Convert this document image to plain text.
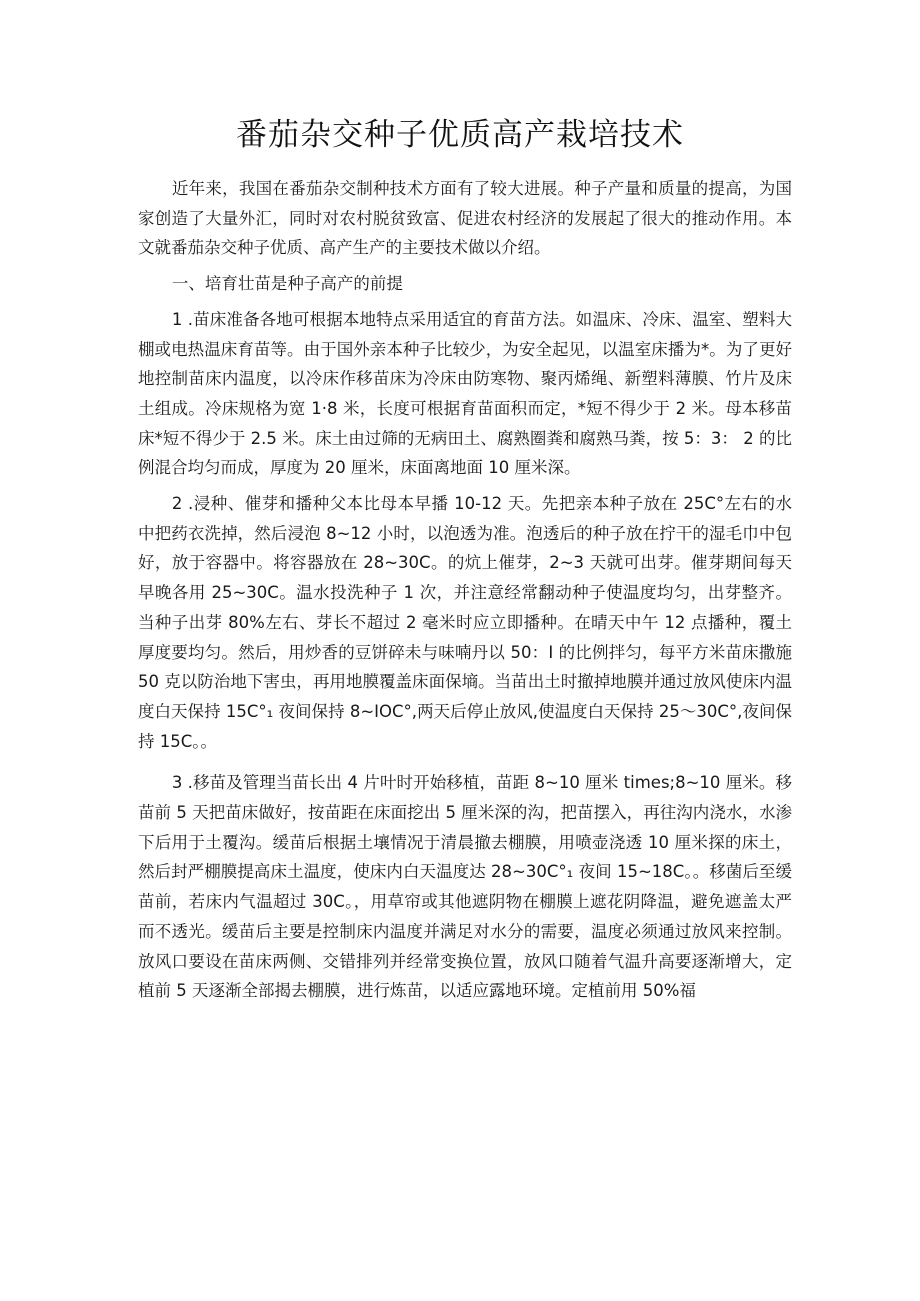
番茄杂交种子优质高产栽培技术

近年来，我国在番茄杂交制种技术方面有了较大进展。种子产量和质量的提高，为国家创造了大量外汇，同时对农村脱贫致富、促进农村经济的发展起了很大的推动作用。本文就番茄杂交种子优质、高产生产的主要技术做以介绍。

一、培育壮苗是种子高产的前提

1 .苗床准备各地可根据本地特点采用适宜的育苗方法。如温床、冷床、温室、塑料大棚或电热温床育苗等。由于国外亲本种子比较少，为安全起见，以温室床播为*。为了更好地控制苗床内温度，以冷床作移苗床为冷床由防寒物、聚丙烯绳、新塑料薄膜、竹片及床土组成。冷床规格为宽 1·8 米，长度可根据育苗面积而定，*短不得少于 2 米。母本移苗床*短不得少于 2.5 米。床土由过筛的无病田土、腐熟圈粪和腐熟马粪，按 5：3： 2 的比例混合均匀而成，厚度为 20 厘米，床面离地面 10 厘米深。

2 .浸种、催芽和播种父本比母本早播 10-12 天。先把亲本种子放在 25C°左右的水中把药衣洗掉，然后浸泡 8~12 小时，以泡透为准。泡透后的种子放在拧干的湿毛巾中包好，放于容器中。将容器放在 28~30C。的炕上催芽，2~3 天就可出芽。催芽期间每天早晚各用 25~30C。温水投洗种子 1 次，并注意经常翻动种子使温度均匀，出芽整齐。当种子出芽 80%左右、芽长不超过 2 毫米时应立即播种。在晴天中午 12 点播种，覆土厚度要均匀。然后，用炒香的豆饼碎未与味喃丹以 50：I 的比例拌匀，每平方米苗床撒施 50 克以防治地下害虫，再用地膜覆盖床面保墒。当苗出土时撤掉地膜并通过放风使床内温度白天保持 15C°₁ 夜间保持 8~IOC°,两天后停止放风,使温度白天保持 25～30C°,夜间保持 15C。。

3 .移苗及管理当苗长出 4 片叶时开始移植，苗距 8~10 厘米 times;8~10 厘米。移苗前 5 天把苗床做好，按苗距在床面挖出 5 厘米深的沟，把苗摆入，再往沟内浇水，水渗下后用于土覆沟。缓苗后根据土壤情况于清晨撤去棚膜，用喷壶浇透 10 厘米探的床土，然后封严棚膜提高床土温度，使床内白天温度达 28~30C°₁ 夜间 15~18C。。移菌后至缓苗前，若床内气温超过 30C。，用草帘或其他遮阴物在棚膜上遮花阴降温，避免遮盖太严而不透光。缓苗后主要是控制床内温度并满足对水分的需要，温度必须通过放风来控制。放风口要设在苗床两侧、交错排列并经常变换位置，放风口随着气温升高要逐渐增大，定植前 5 天逐渐全部揭去棚膜，进行炼苗，以适应露地环境。定植前用 50%福
